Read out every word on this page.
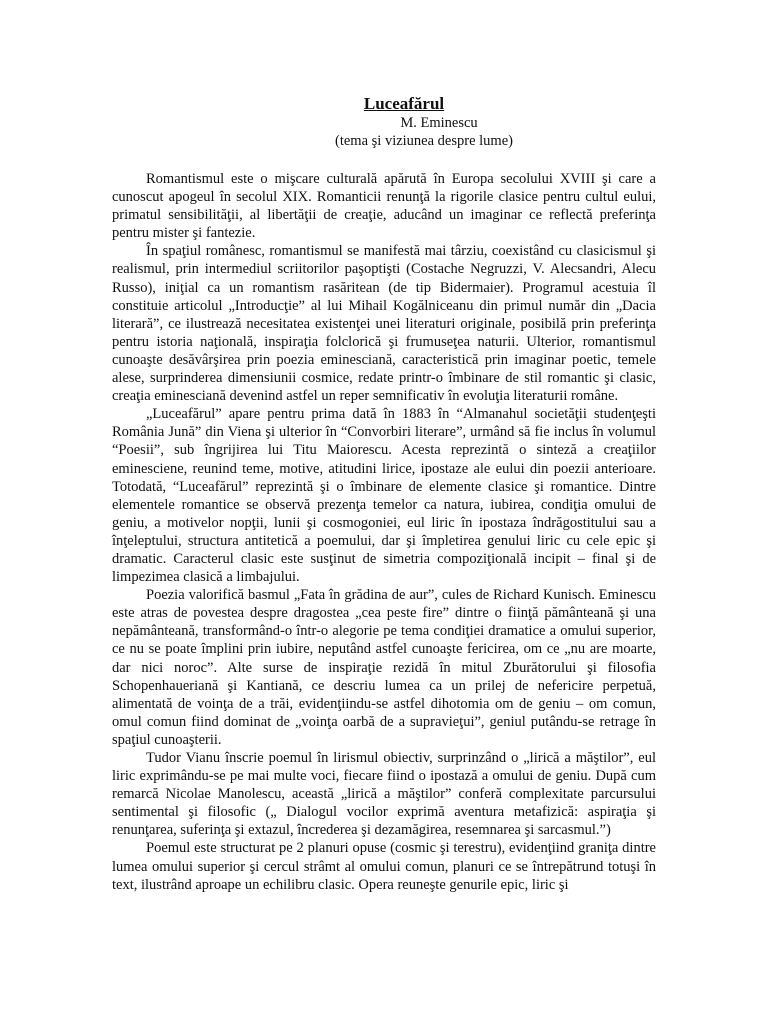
Luceafărul

M. Eminescu

(tema şi viziunea despre lume)

Romantismul este o mişcare culturală apărută în Europa secolului XVIII şi care a cunoscut apogeul în secolul XIX. Romanticii renunţă la rigorile clasice pentru cultul eului, primatul sensibilităţii, al libertăţii de creaţie, aducând un imaginar ce reflectă preferinţa pentru mister şi fantezie.

În spaţiul românesc, romantismul se manifestă mai târziu, coexistând cu clasicismul şi realismul, prin intermediul scriitorilor paşoptişti (Costache Negruzzi, V. Alecsandri, Alecu Russo), iniţial ca un romantism rasăritean (de tip Bidermaier). Programul acestuia îl constituie articolul „Introducţie” al lui Mihail Kogălniceanu din primul număr din „Dacia literară”, ce ilustrează necesitatea existenţei unei literaturi originale, posibilă prin preferinţa pentru istoria naţională, inspiraţia folclorică şi frumuseţea naturii. Ulterior, romantismul cunoaşte desăvârşirea prin poezia eminesciană, caracteristică prin imaginar poetic, temele alese, surprinderea dimensiunii cosmice, redate printr-o îmbinare de stil romantic şi clasic, creaţia eminesciană devenind astfel un reper semnificativ în evoluţia literaturii române.

„Luceafărul” apare pentru prima dată în 1883 în “Almanahul societăţii studenţeşti România Jună” din Viena şi ulterior în “Convorbiri literare”, urmând să fie inclus în volumul “Poesii”, sub îngrijirea lui Titu Maiorescu. Acesta reprezintă o sinteză a creaţiilor eminesciene, reunind teme, motive, atitudini lirice, ipostaze ale eului din poezii anterioare. Totodată, “Luceafărul” reprezintă şi o îmbinare de elemente clasice şi romantice. Dintre elementele romantice se observă prezenţa temelor ca natura, iubirea, condiţia omului de geniu, a motivelor nopţii, lunii şi cosmogoniei, eul liric în ipostaza îndrăgostitului sau a înţeleptului, structura antitetică a poemului, dar şi împletirea genului liric cu cele epic şi dramatic. Caracterul clasic este susţinut de simetria compoziţională incipit – final şi de limpezimea clasică a limbajului.

Poezia valorifică basmul „Fata în grădina de aur”, cules de Richard Kunisch. Eminescu este atras de povestea despre dragostea „cea peste fire” dintre o fiinţă pământeană şi una nepământeană, transformând-o într-o alegorie pe tema condiţiei dramatice a omului superior, ce nu se poate împlini prin iubire, neputând astfel cunoaşte fericirea, om ce „nu are moarte, dar nici noroc”. Alte surse de inspiraţie rezidă în mitul Zburătorului şi filosofia Schopenhaueriană şi Kantiană, ce descriu lumea ca un prilej de nefericire perpetuă, alimentată de voinţa de a trăi, evidenţiindu-se astfel dihotomia om de geniu – om comun, omul comun fiind dominat de „voinţa oarbă de a supravieţui”, geniul putându-se retrage în spaţiul cunoaşterii.

Tudor Vianu înscrie poemul în lirismul obiectiv, surprinzând o „lirică a măştilor”, eul liric exprimându-se pe mai multe voci, fiecare fiind o ipostază a omului de geniu. După cum remarcă Nicolae Manolescu, această „lirică a măştilor” conferă complexitate parcursului sentimental şi filosofic („ Dialogul vocilor exprimă aventura metafizică: aspiraţia şi renunţarea, suferinţa şi extazul, încrederea şi dezamăgirea, resemnarea şi sarcasmul.”)

Poemul este structurat pe 2 planuri opuse (cosmic şi terestru), evidenţiind graniţa dintre lumea omului superior şi cercul strâmt al omului comun, planuri ce se întrepătrund totuşi în text, ilustrând aproape un echilibru clasic. Opera reuneşte genurile epic, liric şi
